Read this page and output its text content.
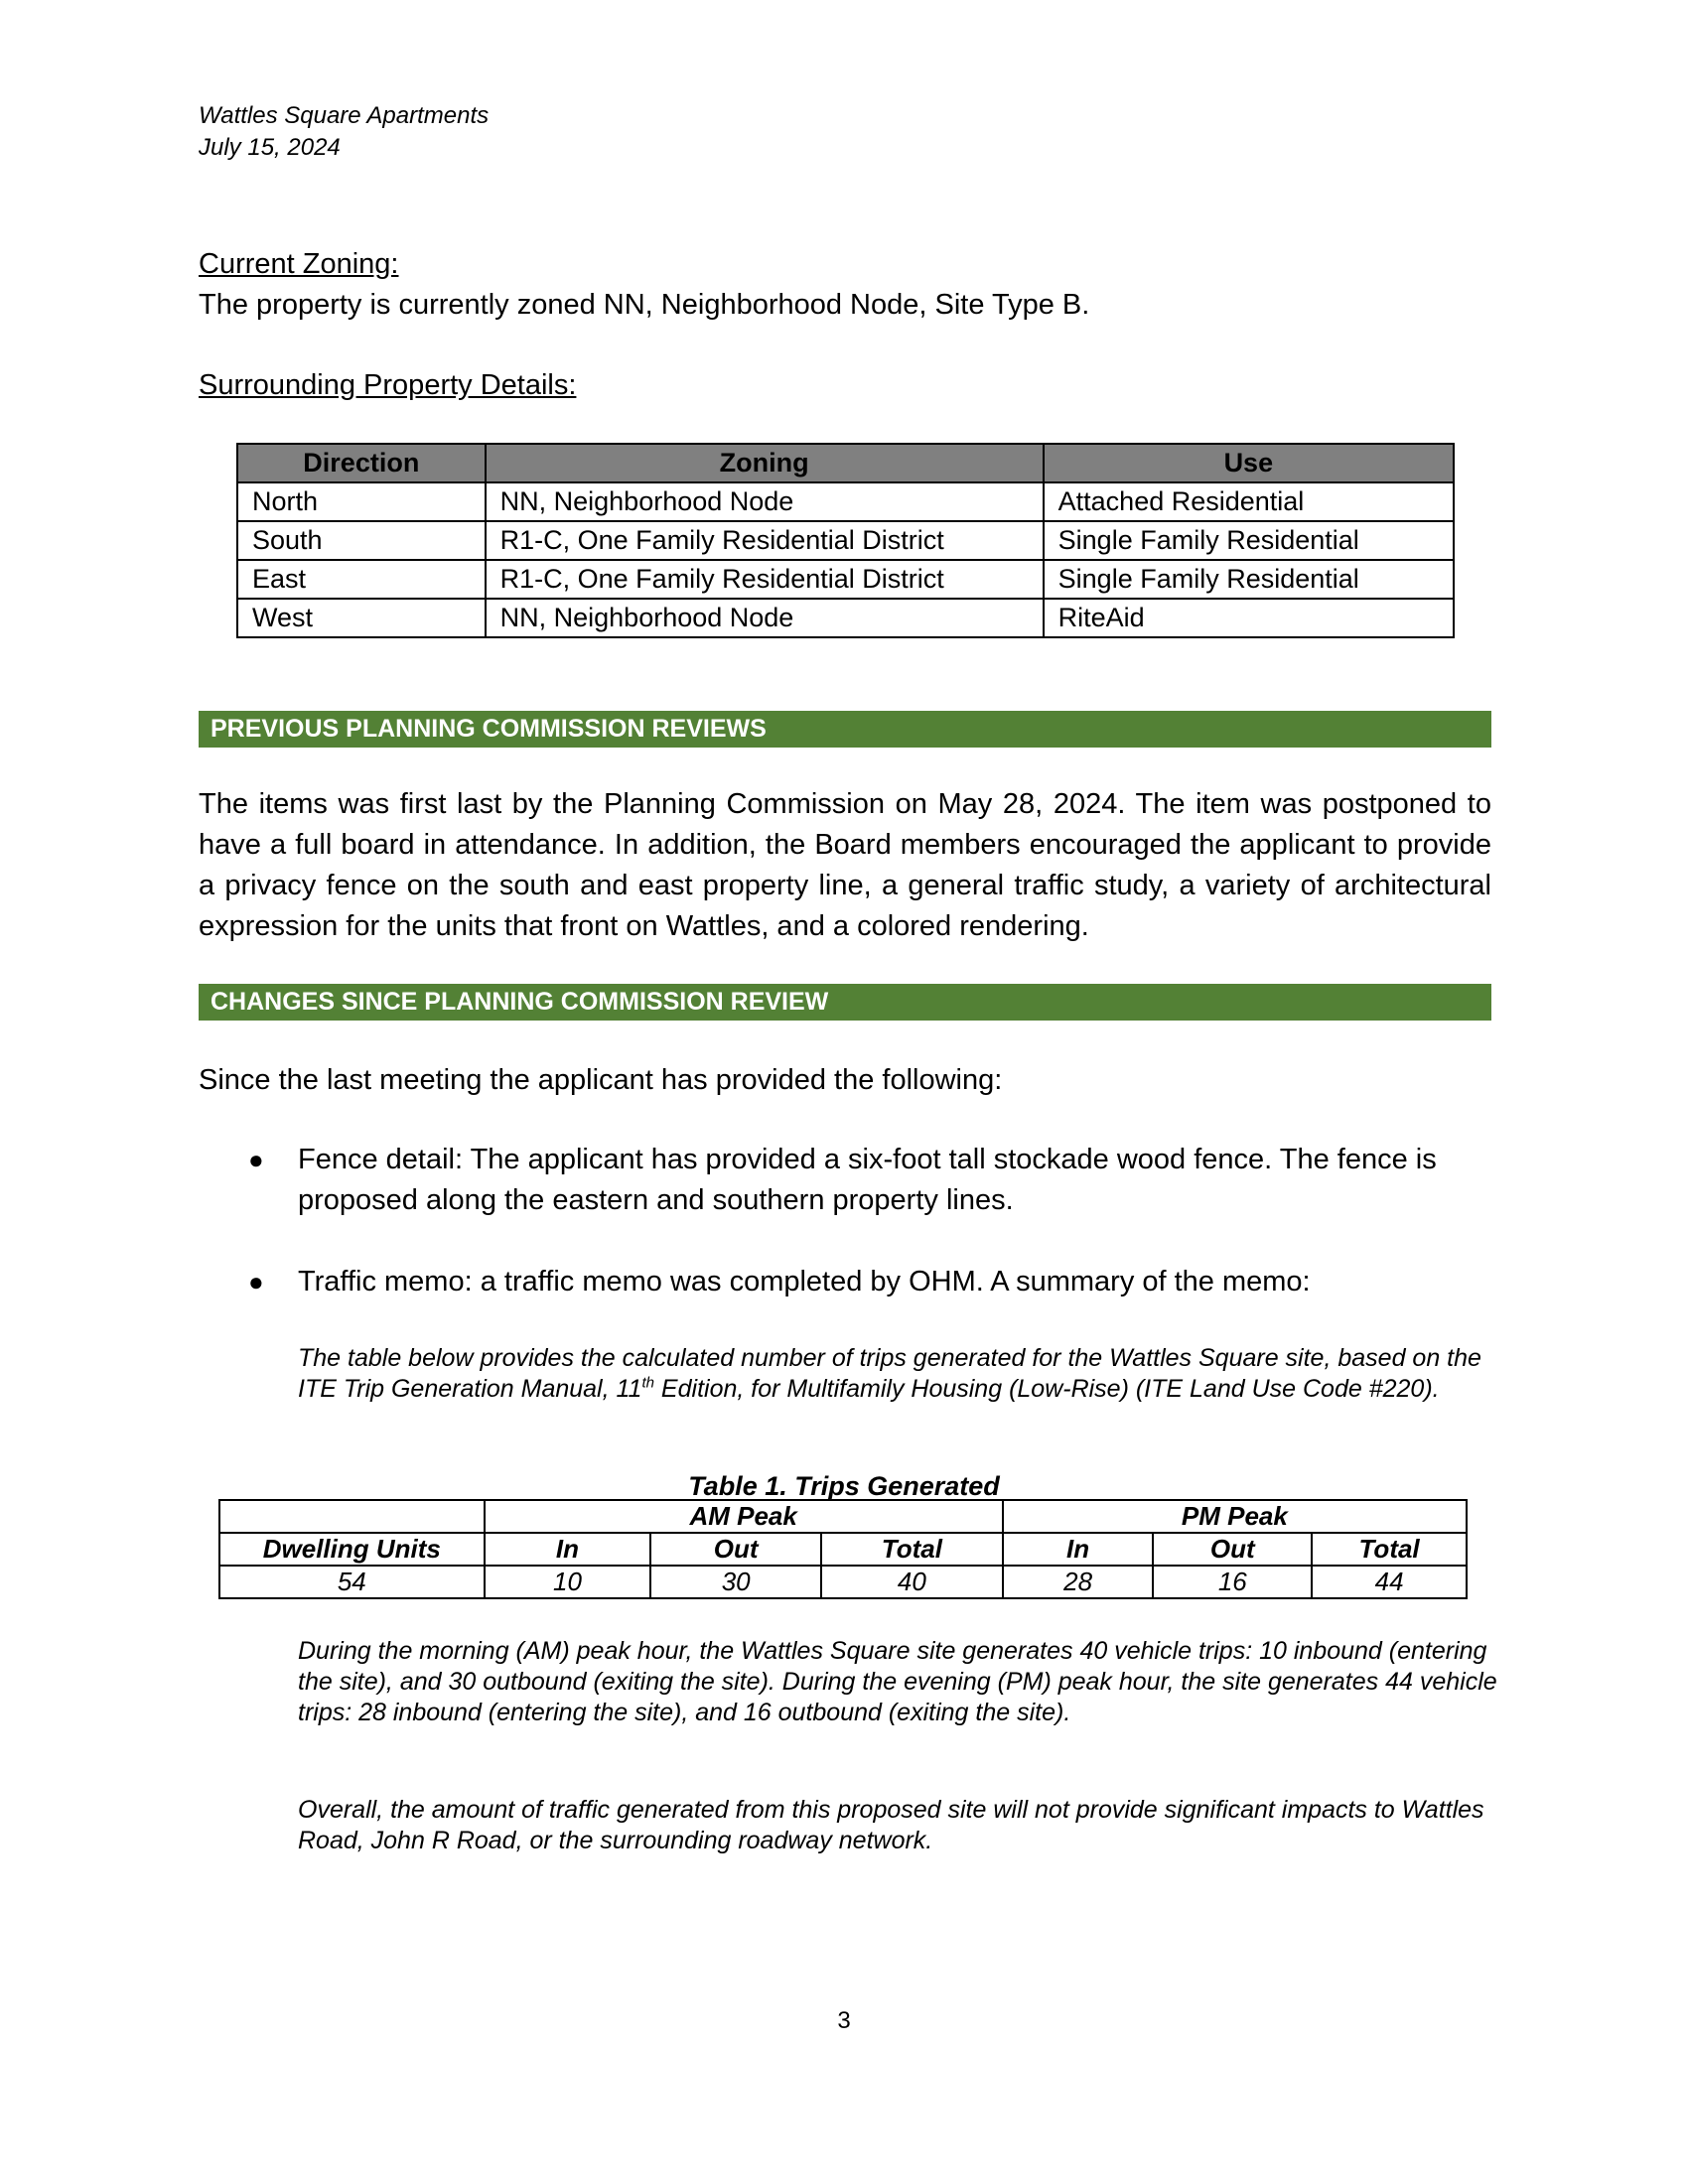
Wattles Square Apartments
July 15, 2024
Current Zoning:
The property is currently zoned NN, Neighborhood Node, Site Type B.
Surrounding Property Details:
Direction	Zoning	Use
North	NN, Neighborhood Node	Attached Residential
South	R1-C, One Family Residential District	Single Family Residential
East	R1-C, One Family Residential District	Single Family Residential
West	NN, Neighborhood Node	RiteAid
PREVIOUS PLANNING COMMISSION REVIEWS
The items was first last by the Planning Commission on May 28, 2024. The item was postponed to have a full board in attendance. In addition, the Board members encouraged the applicant to provide a privacy fence on the south and east property line, a general traffic study, a variety of architectural expression for the units that front on Wattles, and a colored rendering.
CHANGES SINCE PLANNING COMMISSION REVIEW
Since the last meeting the applicant has provided the following:
● Fence detail: The applicant has provided a six-foot tall stockade wood fence. The fence is proposed along the eastern and southern property lines.
● Traffic memo: a traffic memo was completed by OHM. A summary of the memo:
The table below provides the calculated number of trips generated for the Wattles Square site, based on the ITE Trip Generation Manual, 11th Edition, for Multifamily Housing (Low-Rise) (ITE Land Use Code #220).
Table 1. Trips Generated
	AM Peak			PM Peak		
Dwelling Units	In	Out	Total	In	Out	Total
54	10	30	40	28	16	44
During the morning (AM) peak hour, the Wattles Square site generates 40 vehicle trips: 10 inbound (entering the site), and 30 outbound (exiting the site). During the evening (PM) peak hour, the site generates 44 vehicle trips: 28 inbound (entering the site), and 16 outbound (exiting the site).
Overall, the amount of traffic generated from this proposed site will not provide significant impacts to Wattles Road, John R Road, or the surrounding roadway network.
3
